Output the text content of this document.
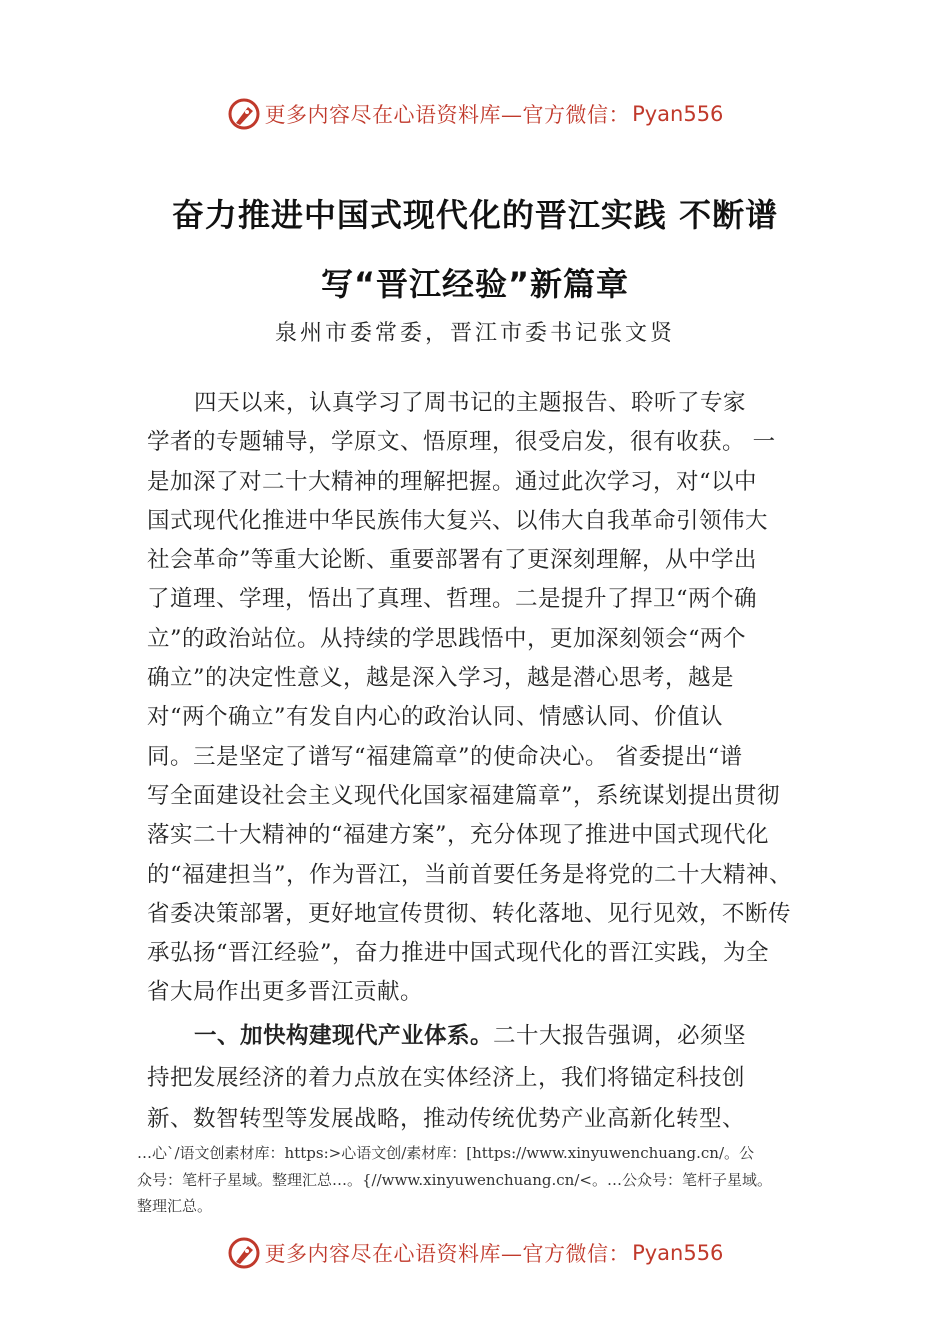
更多内容尽在心语资料库—官方微信： Pyan556
奋力推进中国式现代化的晋江实践 不断谱
写“晋江经验”新篇章
泉州市委常委，晋江市委书记张文贤
四天以来，认真学习了周书记的主题报告、聆听了专家
学者的专题辅导，学原文、悟原理，很受启发，很有收获。 一
是加深了对二十大精神的理解把握。通过此次学习，对“以中
国式现代化推进中华民族伟大复兴、以伟大自我革命引领伟大
社会革命”等重大论断、重要部署有了更深刻理解，从中学出
了道理、学理，悟出了真理、哲理。二是提升了捍卫“两个确
立”的政治站位。从持续的学思践悟中，更加深刻领会“两个
确立”的决定性意义，越是深入学习，越是潜心思考，越是
对“两个确立”有发自内心的政治认同、情感认同、价值认
同。三是坚定了谱写“福建篇章”的使命决心。 省委提出“谱
写全面建设社会主义现代化国家福建篇章”，系统谋划提出贯彻
落实二十大精神的“福建方案”，充分体现了推进中国式现代化
的“福建担当”，作为晋江，当前首要任务是将党的二十大精神、
省委决策部署，更好地宣传贯彻、转化落地、见行见效，不断传
承弘扬“晋江经验”，奋力推进中国式现代化的晋江实践，为全
省大局作出更多晋江贡献。
一、加快构建现代产业体系。二十大报告强调，必须坚
持把发展经济的着力点放在实体经济上，我们将锚定科技创
新、数智转型等发展战略，推动传统优势产业高新化转型、
…心`/语文创素材库：https:>心语文创/素材库：[https://www.xinyuwenchuang.cn/。公
众号：笔杆子星域。整理汇总…。{//www.xinyuwenchuang.cn/<。…公众号：笔杆子星域。
整理汇总。
更多内容尽在心语资料库—官方微信： Pyan556
